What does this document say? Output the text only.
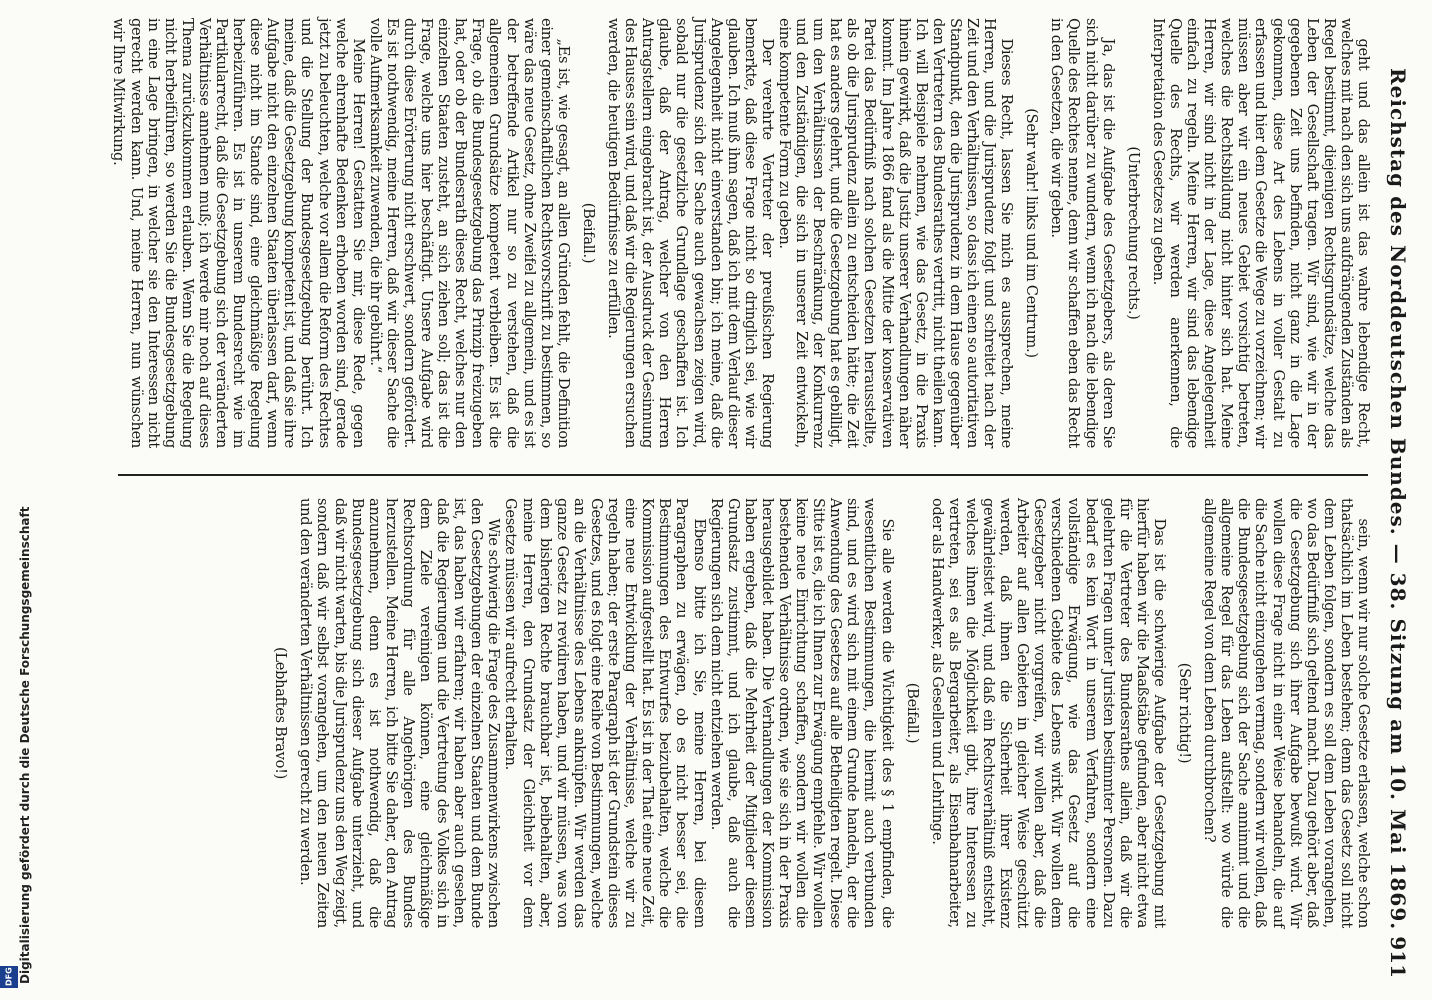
Digitalisierung gefördert durch die Deutsche Forschungsgemeinschaft
DFG
Reichstag des Norddeutschen Bundes. — 38. Sitzung am 10. Mai 1869.
911

geht und das allein ist das wahre lebendige Recht, welches mit nach den sich uns aufdrängenden Zuständen als Regel bestimmt, diejenigen Rechtsgrundsätze, welche das Leben der Gesellschaft tragen. Wir sind, wie wir in der gegebenen Zeit uns befinden, nicht ganz in die Lage gekommen, diese Art des Lebens in voller Gestalt zu erfassen und hier dem Gesetze die Wege zu vorzeichnen; wir müssen aber wir ein neues Gebiet vorsichtig betreten, welches die Rechtsbildung nicht hinter sich hat. Meine Herren, wir sind nicht in der Lage, diese Angelegenheit einfach zu regeln. Meine Herren, wir sind das lebendige Quelle des Rechts, wir werden anerkennen, die Interpretation des Gesetzes zu geben.

(Unterbrechung rechts.)

Ja, das ist die Aufgabe des Gesetzgebers, als deren Sie sich nicht darüber zu wundern, wenn ich nach die lebendige Quelle des Rechtes nenne, denn wir schaffen eben das Recht in den Gesetzen, die wir geben.

(Sehr wahr! links und im Centrum.)

Dieses Recht, lassen Sie mich es aussprechen, meine Herren, und die Jurisprudenz folgt und schreitet nach der Zeit und den Verhältnissen, so dass ich einen so autoritativen Standpunkt, den die Jurisprudenz in dem Hause gegenüber den Vertretern des Bundesrathes vertritt, nicht theilen kann. Ich will Beispiele nehmen, wie das Gesetz, in die Praxis hinein gewirkt, daß die Justiz unserer Verhandlungen näher kommt. Im Jahre 1866 fand als die Mitte der konservativen Partei das Bedürfniß nach solchen Gesetzen herausstellte, als ob die Jurisprudenz allein zu entscheiden hätte; die Zeit hat es anders gelehrt, und die Gesetzgebung hat es gebilligt, um den Verhältnissen der Beschränkung, der Konkurrenz und den Zuständigen, die sich in unserer Zeit entwickeln, eine kompetente Form zu geben.

Der verehrte Vertreter der preußischen Regierung bemerkte, daß diese Frage nicht so dringlich sei, wie wir glauben. Ich muß ihm sagen, daß ich mit dem Verlauf dieser Angelegenheit nicht einverstanden bin; ich meine, daß die Jurisprudenz sich der Sache auch gewachsen zeigen wird, sobald nur die gesetzliche Grundlage geschaffen ist. Ich glaube, daß der Antrag, welcher von den Herren Antragstellern eingebracht ist, der Ausdruck der Gesinnung des Hauses sein wird, und daß wir die Regierungen ersuchen werden, die heutigen Bedürfnisse zu erfüllen.

(Beifall.)

„Es ist, wie gesagt, an allen Gründen fehlt, die Definition einer gemeinschaftlichen Rechtsvorschrift zu bestimmen, so wäre das neue Gesetz, ohne Zweifel zu allgemein, und es ist der betreffende Artikel nur so zu verstehen, daß die allgemeinen Grundsätze kompetent verbleiben. Es ist die Frage, ob die Bundesgesetzgebung das Prinzip freizugeben hat, oder ob der Bundesrath dieses Recht, welches nur den einzelnen Staaten zusteht, an sich ziehen soll; das ist die Frage, welche uns hier beschäftigt. Unsere Aufgabe wird durch diese Erörterung nicht erschwert, sondern gefördert. Es ist nothwendig, meine Herren, daß wir dieser Sache die volle Aufmerksamkeit zuwenden, die ihr gebührt.“

Meine Herren! Gestatten Sie mir, diese Rede, gegen welche ehrenhafte Bedenken erhoben worden sind, gerade jetzt zu beleuchten, welche vor allem die Reform des Rechtes und die Stellung der Bundesgesetzgebung berührt. Ich meine, daß die Gesetzgebung kompetent ist, und daß sie ihre Aufgabe nicht den einzelnen Staaten überlassen darf, wenn diese nicht im Stande sind, eine gleichmäßige Regelung herbeizuführen. Es ist in unserem Bundesrecht wie im Partikularrecht, daß die Gesetzgebung sich der veränderten Verhältnisse annehmen muß; ich werde mir noch auf dieses Thema zurückzukommen erlauben. Wenn Sie die Regelung nicht herbeiführen, so werden Sie die Bundesgesetzgebung in eine Lage bringen, in welcher sie den Interessen nicht gerecht werden kann. Und, meine Herren, nun wünschen wir Ihre Mitwirkung.

sein, wenn wir nur solche Gesetze erlassen, welche schon thatsächlich im Leben bestehen; denn das Gesetz soll nicht dem Leben folgen, sondern es soll dem Leben vorangehen, wo das Bedürfniß sich geltend macht. Dazu gehört aber, daß die Gesetzgebung sich ihrer Aufgabe bewußt wird. Wir wollen diese Frage nicht in einer Weise behandeln, die auf die Sache nicht einzugehen vermag, sondern wir wollen, daß die Bundesgesetzgebung sich der Sache annimmt und die allgemeine Regel für das Leben aufstellt: wo würde die allgemeine Regel von dem Leben durchbrochen?

(Sehr richtig!)

Das ist die schwierige Aufgabe der Gesetzgebung mit hierfür haben wir die Maaßstäbe gefunden, aber nicht etwa für die Vertreter des Bundesrathes allein, daß wir die gelehrten Fragen unter Juristen bestimmter Personen. Dazu bedarf es kein Wort in unserem Verfahren, sondern eine vollständige Erwägung, wie das Gesetz auf die verschiedenen Gebiete des Lebens wirkt. Wir wollen dem Gesetzgeber nicht vorgreifen, wir wollen aber, daß die Arbeiter auf allen Gebieten in gleicher Weise geschützt werden, daß ihnen die Sicherheit ihrer Existenz gewährleistet wird, und daß ein Rechtsverhältniß entsteht, welches ihnen die Möglichkeit gibt, ihre Interessen zu vertreten, sei es als Bergarbeiter, als Eisenbahnarbeiter, oder als Handwerker, als Gesellen und Lehrlinge.

(Beifall.)

Sie alle werden die Wichtigkeit des § 1 empfinden, die wesentlichen Bestimmungen, die hiermit auch verbunden sind, und es wird sich mit einem Grunde handeln, der die Anwendung des Gesetzes auf alle Betheiligten regelt. Diese Sitte ist es, die ich Ihnen zur Erwägung empfehle. Wir wollen keine neue Einrichtung schaffen, sondern wir wollen die bestehenden Verhältnisse ordnen, wie sie sich in der Praxis herausgebildet haben. Die Verhandlungen der Kommission haben ergeben, daß die Mehrheit der Mitglieder diesem Grundsatz zustimmt, und ich glaube, daß auch die Regierungen sich dem nicht entziehen werden.

Ebenso bitte ich Sie, meine Herren, bei diesem Paragraphen zu erwägen, ob es nicht besser sei, die Bestimmungen des Entwurfes beizubehalten, welche die Kommission aufgestellt hat. Es ist in der That eine neue Zeit, eine neue Entwicklung der Verhältnisse, welche wir zu regeln haben; der erste Paragraph ist der Grundstein dieses Gesetzes, und es folgt eine Reihe von Bestimmungen, welche an die Verhältnisse des Lebens anknüpfen. Wir werden das ganze Gesetz zu revidiren haben, und wir müssen, was von dem bisherigen Rechte brauchbar ist, beibehalten, aber, meine Herren, den Grundsatz der Gleichheit vor dem Gesetze müssen wir aufrecht erhalten.

Wie schwierig die Frage des Zusammenwirkens zwischen den Gesetzgebungen der einzelnen Staaten und dem Bunde ist, das haben wir erfahren; wir haben aber auch gesehen, daß die Regierungen und die Vertretung des Volkes sich in dem Ziele vereinigen können, eine gleichmäßige Rechtsordnung für alle Angehörigen des Bundes herzustellen. Meine Herren, ich bitte Sie daher, den Antrag anzunehmen, denn es ist nothwendig, daß die Bundesgesetzgebung sich dieser Aufgabe unterzieht, und daß wir nicht warten, bis die Jurisprudenz uns den Weg zeigt, sondern daß wir selbst vorangehen, um den neuen Zeiten und den veränderten Verhältnissen gerecht zu werden.

(Lebhaftes Bravo!)
